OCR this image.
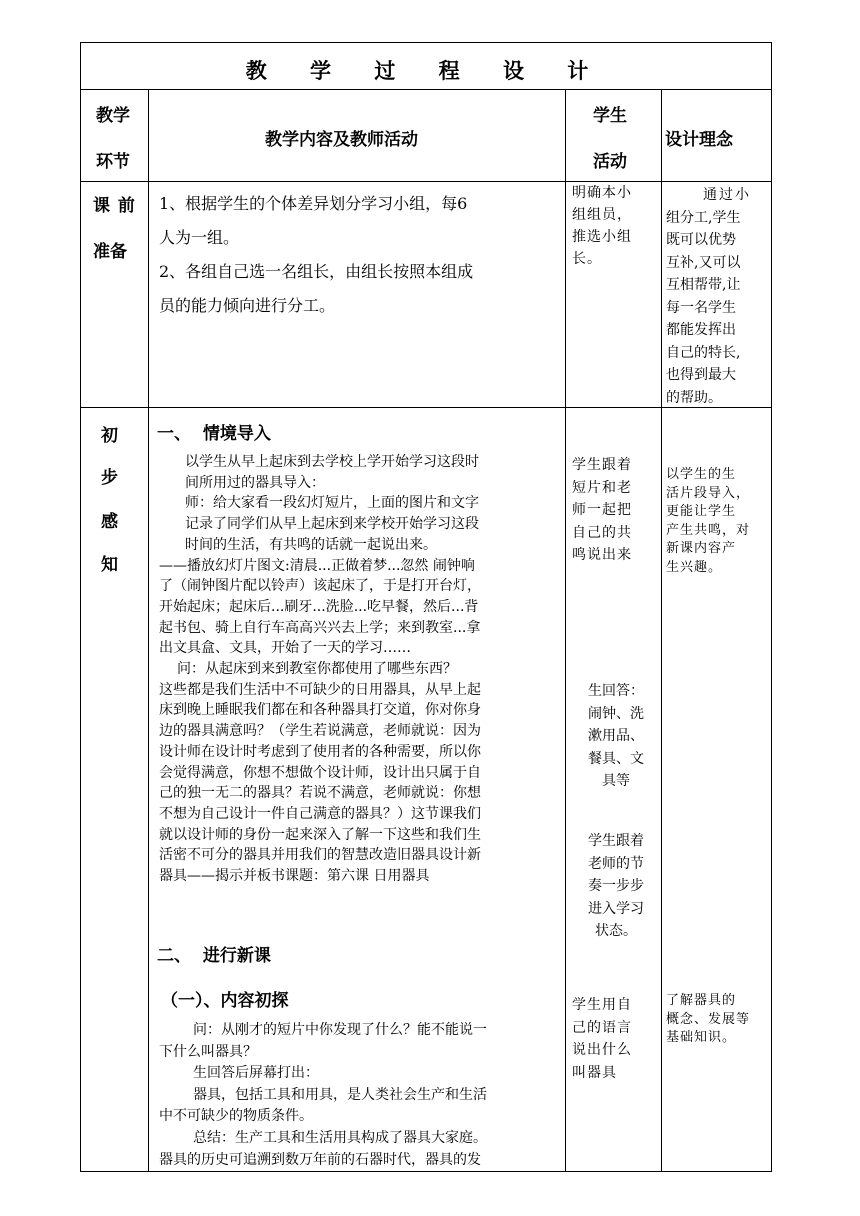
教 学 过 程 设 计
教学
环节
教学内容及教师活动
学生
活动
设计理念
课 前
准备
1、根据学生的个体差异划分学习小组，每6
人为一组。
2、各组自己选一名组长，由组长按照本组成
员的能力倾向进行分工。
明确本小
组组员，
推选小组
长。
通过小
组分工,学生
既可以优势
互补,又可以
互相帮带,让
每一名学生
都能发挥出
自己的特长,
也得到最大
的帮助。
初
步
感
知
一、  情境导入
以学生从早上起床到去学校上学开始学习这段时
间所用过的器具导入：
师：给大家看一段幻灯短片，上面的图片和文字
记录了同学们从早上起床到来学校开始学习这段
时间的生活，有共鸣的话就一起说出来。
——播放幻灯片图文:清晨...正做着梦...忽然 闹钟响
了（闹钟图片配以铃声）该起床了，于是打开台灯，
开始起床；起床后...刷牙...洗脸...吃早餐，然后...背
起书包、骑上自行车高高兴兴去上学；来到教室...拿
出文具盒、文具，开始了一天的学习……
问：从起床到来到教室你都使用了哪些东西？
这些都是我们生活中不可缺少的日用器具，从早上起
床到晚上睡眠我们都在和各种器具打交道，你对你身
边的器具满意吗？（学生若说满意，老师就说：因为
设计师在设计时考虑到了使用者的各种需要，所以你
会觉得满意，你想不想做个设计师，设计出只属于自
己的独一无二的器具？若说不满意，老师就说：你想
不想为自己设计一件自己满意的器具？）这节课我们
就以设计师的身份一起来深入了解一下这些和我们生
活密不可分的器具并用我们的智慧改造旧器具设计新
器具——揭示并板书课题：第六课 日用器具
二、  进行新课
（一）、内容初探
问：从刚才的短片中你发现了什么？能不能说一
下什么叫器具？
生回答后屏幕打出：
器具，包括工具和用具，是人类社会生产和生活
中不可缺少的物质条件。
总结：生产工具和生活用具构成了器具大家庭。
器具的历史可追溯到数万年前的石器时代，器具的发
学生跟着
短片和老
师一起把
自己的共
鸣说出来
生回答：
闹钟、洗
漱用品、
餐具、文
具等
学生跟着
老师的节
奏一步步
进入学习
状态。
学生用自
己的语言
说出什么
叫器具
以学生的生
活片段导入，
更能让学生
产生共鸣，对
新课内容产
生兴趣。
了解器具的
概念、发展等
基础知识。
